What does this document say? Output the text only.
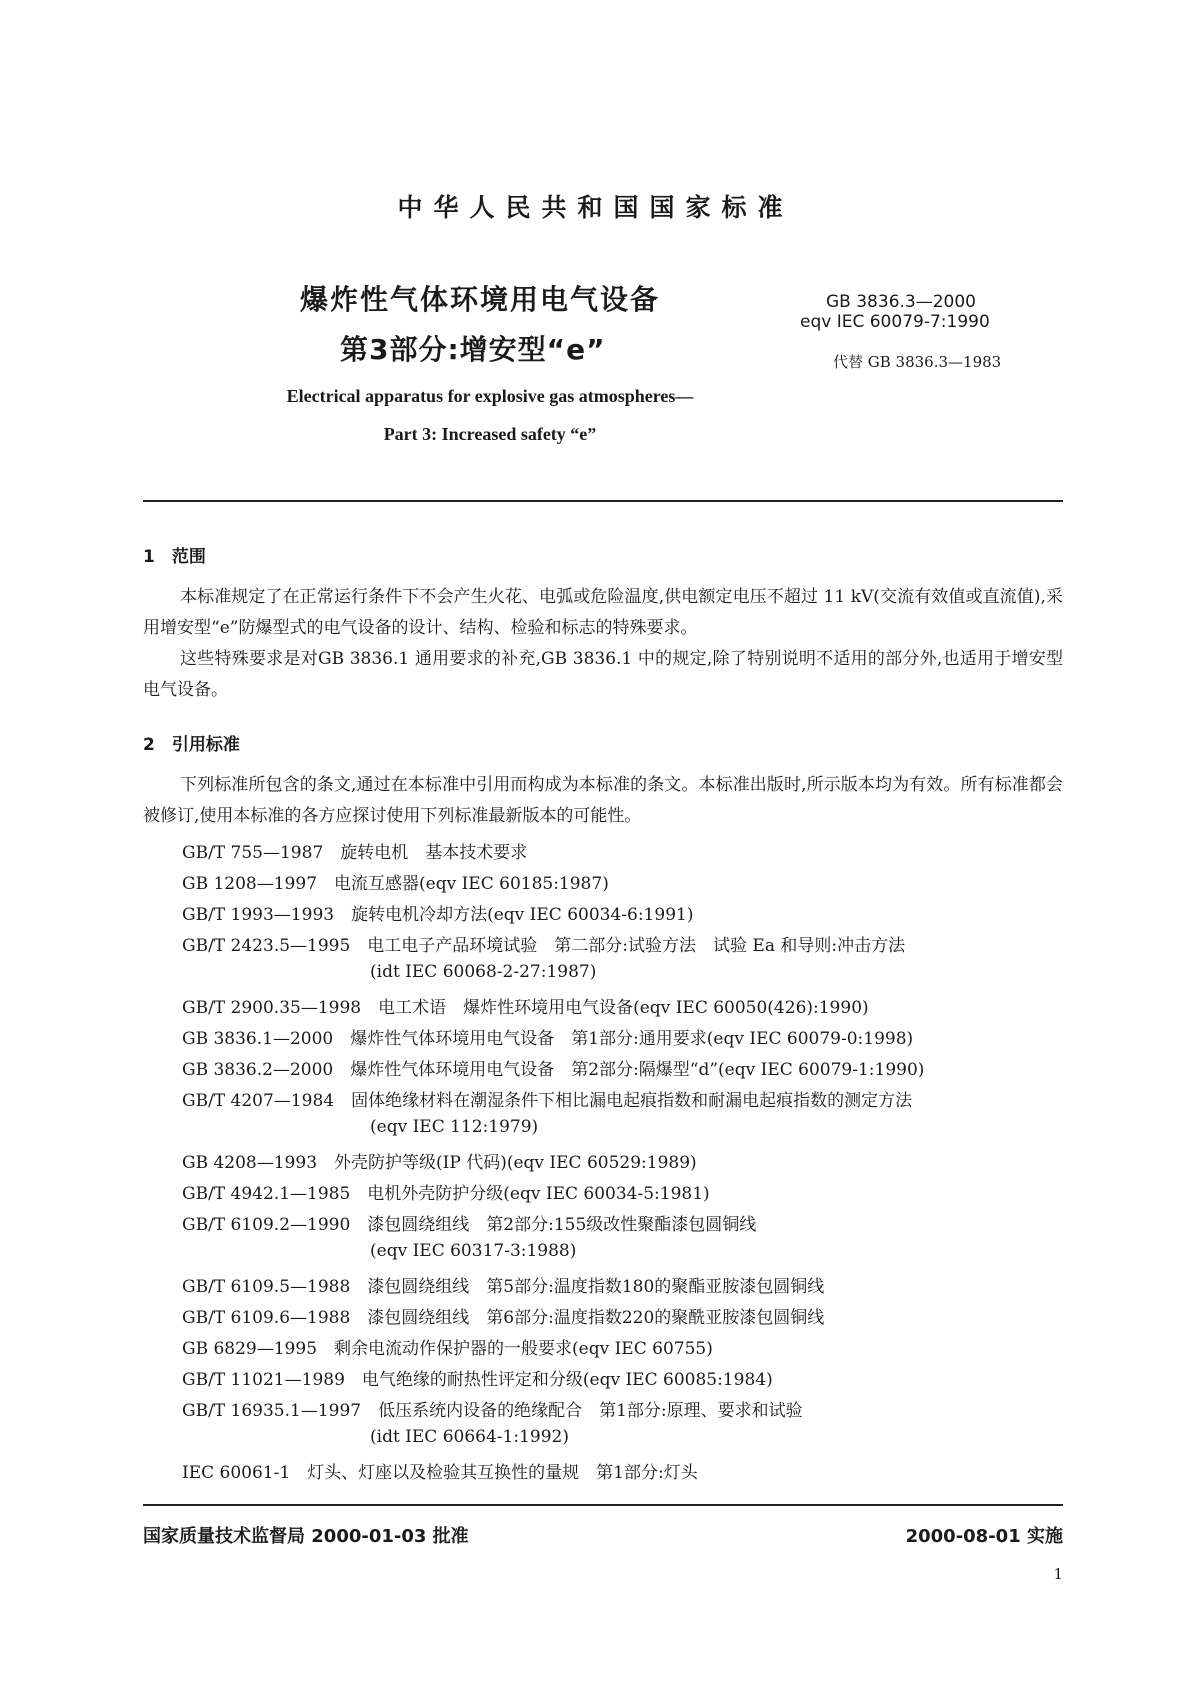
中华人民共和国国家标准
爆炸性气体环境用电气设备
第3部分:增安型“e”
GB 3836.3—2000
eqv IEC 60079-7:1990
代替 GB 3836.3—1983
Electrical apparatus for explosive gas atmospheres—
Part 3: Increased safety “e”
1　范围
本标准规定了在正常运行条件下不会产生火花、电弧或危险温度,供电额定电压不超过 11 kV(交流有效值或直流值),采用增安型“e”防爆型式的电气设备的设计、结构、检验和标志的特殊要求。
这些特殊要求是对GB 3836.1 通用要求的补充,GB 3836.1 中的规定,除了特别说明不适用的部分外,也适用于增安型电气设备。
2　引用标准
下列标准所包含的条文,通过在本标准中引用而构成为本标准的条文。本标准出版时,所示版本均为有效。所有标准都会被修订,使用本标准的各方应探讨使用下列标准最新版本的可能性。
GB/T 755—1987　旋转电机　基本技术要求
GB 1208—1997　电流互感器(eqv IEC 60185:1987)
GB/T 1993—1993　旋转电机冷却方法(eqv IEC 60034-6:1991)
GB/T 2423.5—1995　电工电子产品环境试验　第二部分:试验方法　试验 Ea 和导则:冲击方法
(idt IEC 60068-2-27:1987)
GB/T 2900.35—1998　电工术语　爆炸性环境用电气设备(eqv IEC 60050(426):1990)
GB 3836.1—2000　爆炸性气体环境用电气设备　第1部分:通用要求(eqv IEC 60079-0:1998)
GB 3836.2—2000　爆炸性气体环境用电气设备　第2部分:隔爆型“d”(eqv IEC 60079-1:1990)
GB/T 4207—1984　固体绝缘材料在潮湿条件下相比漏电起痕指数和耐漏电起痕指数的测定方法
(eqv IEC 112:1979)
GB 4208—1993　外壳防护等级(IP 代码)(eqv IEC 60529:1989)
GB/T 4942.1—1985　电机外壳防护分级(eqv IEC 60034-5:1981)
GB/T 6109.2—1990　漆包圆绕组线　第2部分:155级改性聚酯漆包圆铜线
(eqv IEC 60317-3:1988)
GB/T 6109.5—1988　漆包圆绕组线　第5部分:温度指数180的聚酯亚胺漆包圆铜线
GB/T 6109.6—1988　漆包圆绕组线　第6部分:温度指数220的聚酰亚胺漆包圆铜线
GB 6829—1995　剩余电流动作保护器的一般要求(eqv IEC 60755)
GB/T 11021—1989　电气绝缘的耐热性评定和分级(eqv IEC 60085:1984)
GB/T 16935.1—1997　低压系统内设备的绝缘配合　第1部分:原理、要求和试验
(idt IEC 60664-1:1992)
IEC 60061-1　灯头、灯座以及检验其互换性的量规　第1部分:灯头
国家质量技术监督局 2000-01-03 批准	2000-08-01 实施
1
